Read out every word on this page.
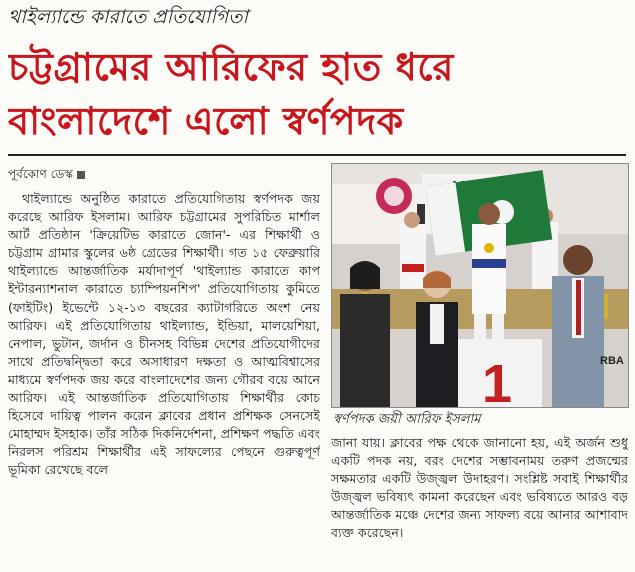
থাইল্যান্ডে কারাতে প্রতিযোগিতা
চট্টগ্রামের আরিফের হাত ধরে
বাংলাদেশে এলো স্বর্ণপদক
পূর্বকোণ ডেস্ক

থাইল্যান্ডে অনুষ্ঠিত কারাতে প্রতিযোগিতায় স্বর্ণপদক জয় করেছে আরিফ ইসলাম। আরিফ চট্টগ্রামের সুপরিচিত মার্শাল আর্ট প্রতিষ্ঠান 'ক্রিয়েটিভ কারাতে জোন'- এর শিক্ষার্থী ও চট্টগ্রাম গ্রামার স্কুলের ৬ষ্ঠ গ্রেডের শিক্ষার্থী। গত ১৫ ফেব্রুয়ারি থাইল্যান্ডে আন্তর্জাতিক মর্যাদাপূর্ণ 'থাইল্যান্ড কারাতে কাপ ইন্টারন্যাশনাল কারাতে চ্যাম্পিয়নশিপ' প্রতিযোগিতায় কুমিতে (ফাইটিং) ইভেন্টে ১২-১৩ বছরের ক্যাটাগরিতে অংশ নেয় আরিফ। এই প্রতিযোগিতায় থাইল্যান্ড, ইন্ডিয়া, মালয়েশিয়া, নেপাল, ভুটান, জর্দান ও চীনসহ বিভিন্ন দেশের প্রতিযোগীদের সাথে প্রতিদ্বন্দ্বিতা করে অসাধারণ দক্ষতা ও আত্মবিশ্বাসের মাধ্যমে স্বর্ণপদক জয় করে বাংলাদেশের জন্য গৌরব বয়ে আনে আরিফ। এই আন্তর্জাতিক প্রতিযোগিতায় শিক্ষার্থীর কোচ হিসেবে দায়িত্ব পালন করেন ক্লাবের প্রধান প্রশিক্ষক সেনসেই মোহাম্মদ ইসহাক। তাঁর সঠিক দিকনির্দেশনা, প্রশিক্ষণ পদ্ধতি এবং নিরলস পরিশ্রম শিক্ষার্থীর এই সাফল্যের পেছনে গুরুত্বপূর্ণ ভূমিকা রেখেছে বলে

1	RBA
স্বর্ণপদক জয়ী আরিফ ইসলাম

জানা যায়। ক্লাবের পক্ষ থেকে জানানো হয়, এই অর্জন শুধু একটি পদক নয়, বরং দেশের সম্ভাবনাময় তরুণ প্রজন্মের সক্ষমতার একটি উজ্জ্বল উদাহরণ। সংশ্লিষ্ট সবাই শিক্ষার্থীর উজ্জ্বল ভবিষ্যৎ কামনা করেছেন এবং ভবিষ্যতে আরও বড় আন্তর্জাতিক মঞ্চে দেশের জন্য সাফল্য বয়ে আনার আশাবাদ ব্যক্ত করেছেন।
